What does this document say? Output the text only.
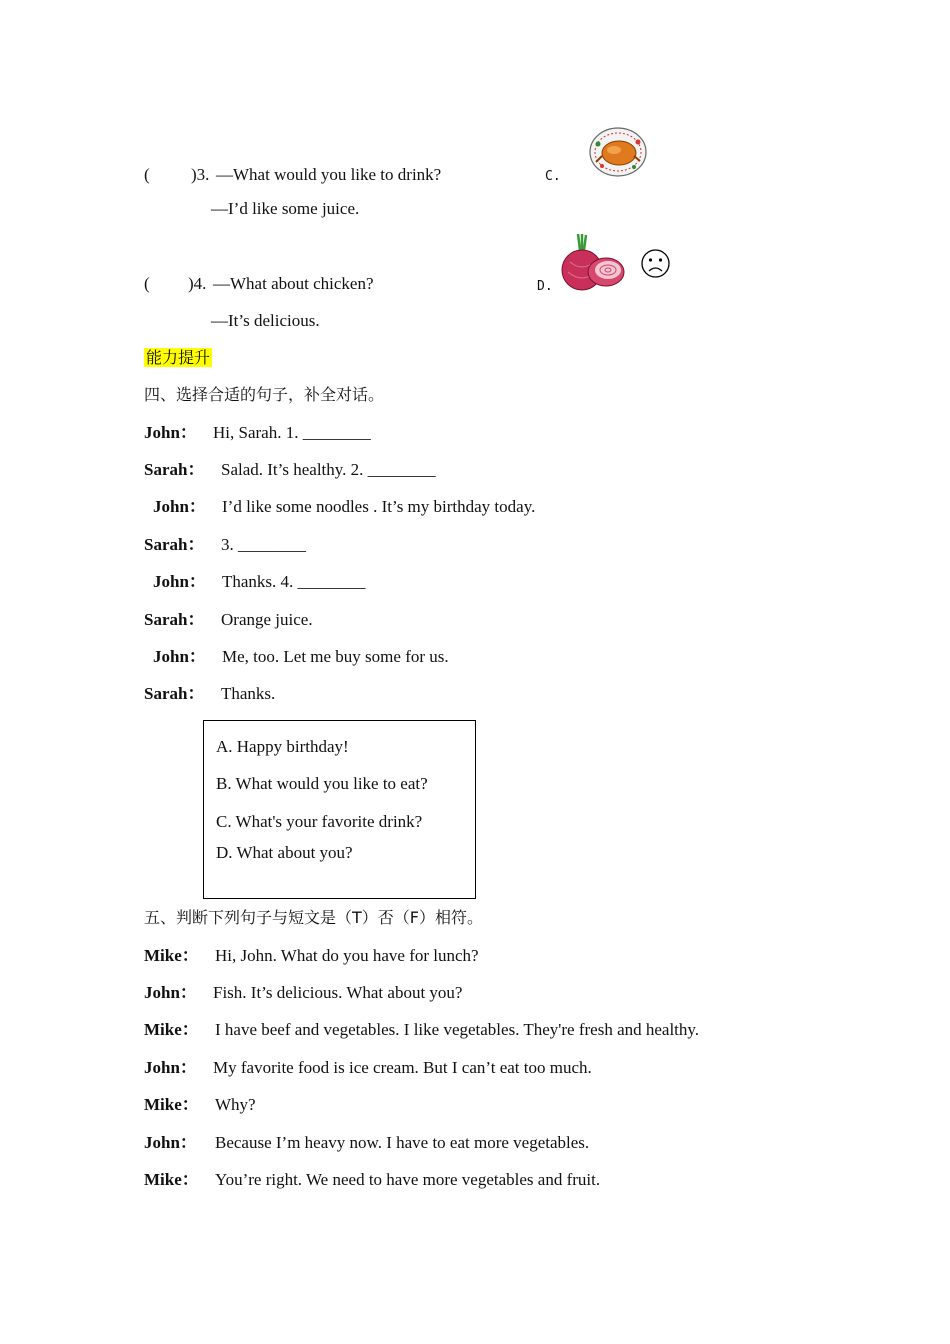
( )3. —What would you like to drink?
—I’d like some juice.
C.
( )4. —What about chicken?
—It’s delicious.
D.
能力提升
四、选择合适的句子，补全对话。
John： Hi, Sarah. 1. ________
Sarah： Salad. It’s healthy. 2. ________
John： I’d like some noodles . It’s my birthday today.
Sarah： 3. ________
John： Thanks. 4. ________
Sarah： Orange juice.
John： Me, too. Let me buy some for us.
Sarah： Thanks.
A. Happy birthday!
B. What would you like to eat?
C. What's your favorite drink?
D. What about you?
五、判断下列句子与短文是（T）否（F）相符。
Mike： Hi, John. What do you have for lunch?
John： Fish. It’s delicious. What about you?
Mike： I have beef and vegetables. I like vegetables. They're fresh and healthy.
John： My favorite food is ice cream. But I can’t eat too much.
Mike： Why?
John： Because I’m heavy now. I have to eat more vegetables.
Mike： You’re right. We need to have more vegetables and fruit.
